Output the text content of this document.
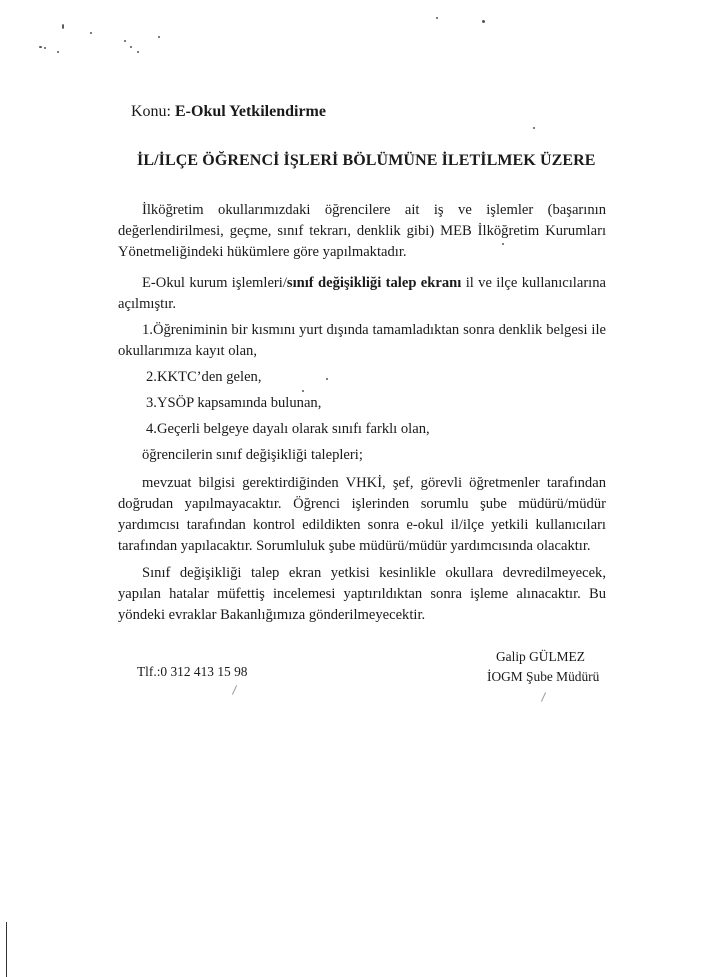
Konu: E-Okul Yetkilendirme
İL/İLÇE ÖĞRENCİ İŞLERİ BÖLÜMÜNE İLETİLMEK ÜZERE

İlköğretim okullarımızdaki öğrencilere ait iş ve işlemler (başarının değerlendirilmesi, geçme, sınıf tekrarı, denklik gibi) MEB İlköğretim Kurumları Yönetmeliğindeki hükümlere göre yapılmaktadır.

E-Okul kurum işlemleri/sınıf değişikliği talep ekranı il ve ilçe kullanıcılarına açılmıştır.

1.Öğreniminin bir kısmını yurt dışında tamamladıktan sonra denklik belgesi ile okullarımıza kayıt olan,

2.KKTC’den gelen,
3.YSÖP kapsamında bulunan,
4.Geçerli belgeye dayalı olarak sınıfı farklı olan,

öğrencilerin sınıf değişikliği talepleri;

mevzuat bilgisi gerektirdiğinden VHKİ, şef, görevli öğretmenler tarafından doğrudan yapılmayacaktır. Öğrenci işlerinden sorumlu şube müdürü/müdür yardımcısı tarafından kontrol edildikten sonra e-okul il/ilçe yetkili kullanıcıları tarafından yapılacaktır. Sorumluluk şube müdürü/müdür yardımcısında olacaktır.

Sınıf değişikliği talep ekran yetkisi kesinlikle okullara devredilmeyecek, yapılan hatalar müfettiş incelemesi yaptırıldıktan sonra işleme alınacaktır. Bu yöndeki evraklar Bakanlığımıza gönderilmeyecektir.

Galip GÜLMEZ
İOGM Şube Müdürü
Tlf.:0 312 413 15 98
